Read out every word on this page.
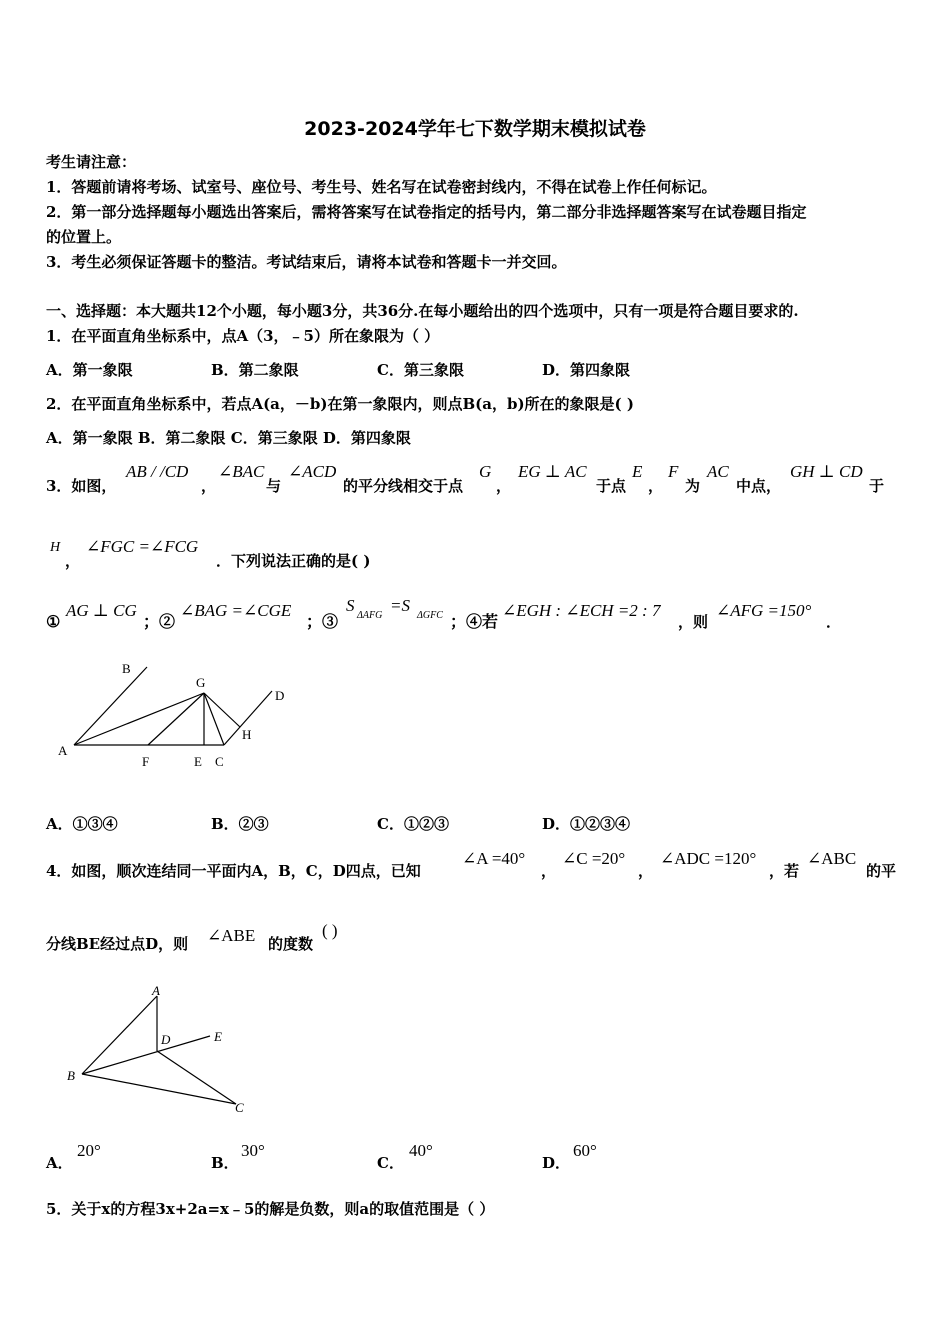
2023-2024学年七下数学期末模拟试卷
考生请注意：
1．答题前请将考场、试室号、座位号、考生号、姓名写在试卷密封线内，不得在试卷上作任何标记。
2．第一部分选择题每小题选出答案后，需将答案写在试卷指定的括号内，第二部分非选择题答案写在试卷题目指定
的位置上。
3．考生必须保证答题卡的整洁。考试结束后，请将本试卷和答题卡一并交回。
一、选择题：本大题共12个小题，每小题3分，共36分.在每小题给出的四个选项中，只有一项是符合题目要求的.
1．在平面直角坐标系中，点A（3，﹣5）所在象限为（ ）
A．第一象限	B．第二象限	C．第三象限	D．第四象限
2．在平面直角坐标系中，若点A(a，－b)在第一象限内，则点B(a，b)所在的象限是( )
A．第一象限 B．第二象限 C．第三象限 D．第四象限
3．如图，
AB / /CD
，
∠BAC
与
∠ACD
的平分线相交于点
G
，
EG ⊥ AC
于点
E
，
F
为
AC
中点，
GH ⊥ CD
于
H
，
∠FGC =∠FCG
．下列说法正确的是( )
①
AG ⊥ CG
；②
∠BAG =∠CGE
；③
S
ΔAFG
=S
ΔGFC ；④若
∠EGH : ∠ECH =2 : 7
，则
∠AFG =150°
．
B
G
D
H
A
F	E C
A．①③④	B．②③	C．①②③	D．①②③④
4．如图，顺次连结同一平面内A，B，C，D四点，已知
∠A =40°
，
∠C =20°
，
∠ADC =120°
，若
∠ABC
的平
分线BE经过点D，则 ∠ABE 的度数
( )
A
D	E
B
C
A．
20°
B．
30°
C．
40°
D．
60°
5．关于x的方程3x+2a=x﹣5的解是负数，则a的取值范围是（ ）
